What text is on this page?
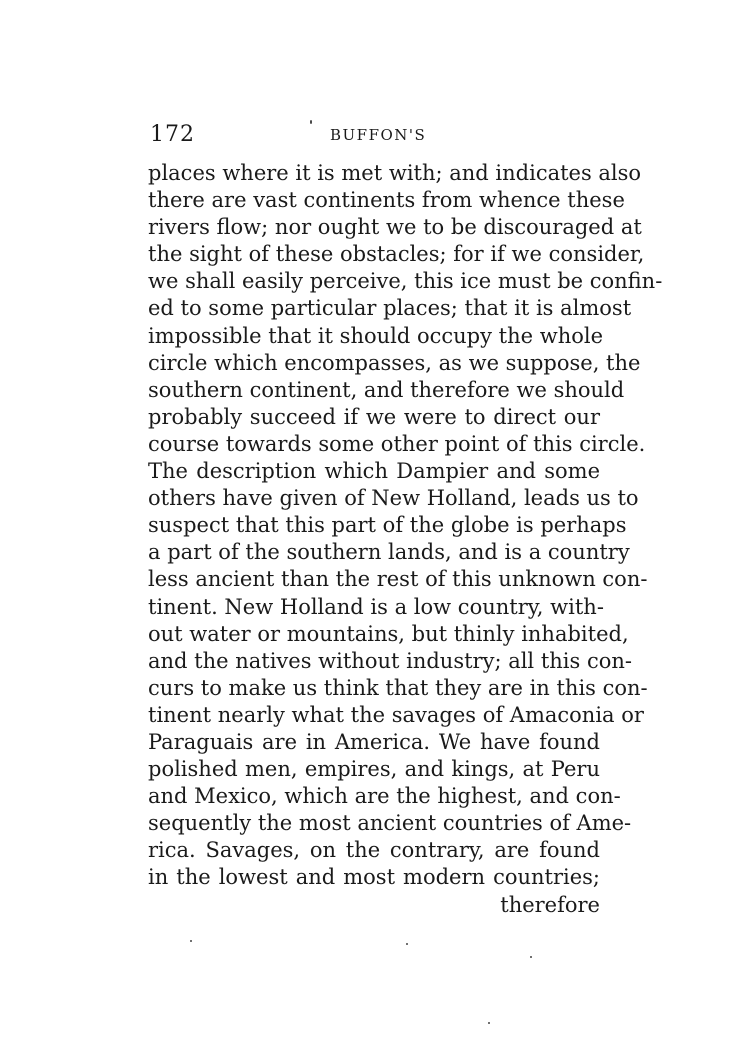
172	BUFFON'S
places where it is met with; and indicates also
there are vast continents from whence these
rivers flow; nor ought we to be discouraged at
the sight of these obstacles; for if we consider,
we shall easily perceive, this ice must be confin-
ed to some particular places; that it is almost
impossible that it should occupy the whole
circle which encompasses, as we suppose, the
southern continent, and therefore we should
probably succeed if we were to direct our
course towards some other point of this circle.
The description which Dampier and some
others have given of New Holland, leads us to
suspect that this part of the globe is perhaps
a part of the southern lands, and is a country
less ancient than the rest of this unknown con-
tinent. New Holland is a low country, with-
out water or mountains, but thinly inhabited,
and the natives without industry; all this con-
curs to make us think that they are in this con-
tinent nearly what the savages of Amaconia or
Paraguais are in America. We have found
polished men, empires, and kings, at Peru
and Mexico, which are the highest, and con-
sequently the most ancient countries of Ame-
rica. Savages, on the contrary, are found
in the lowest and most modern countries;
therefore
